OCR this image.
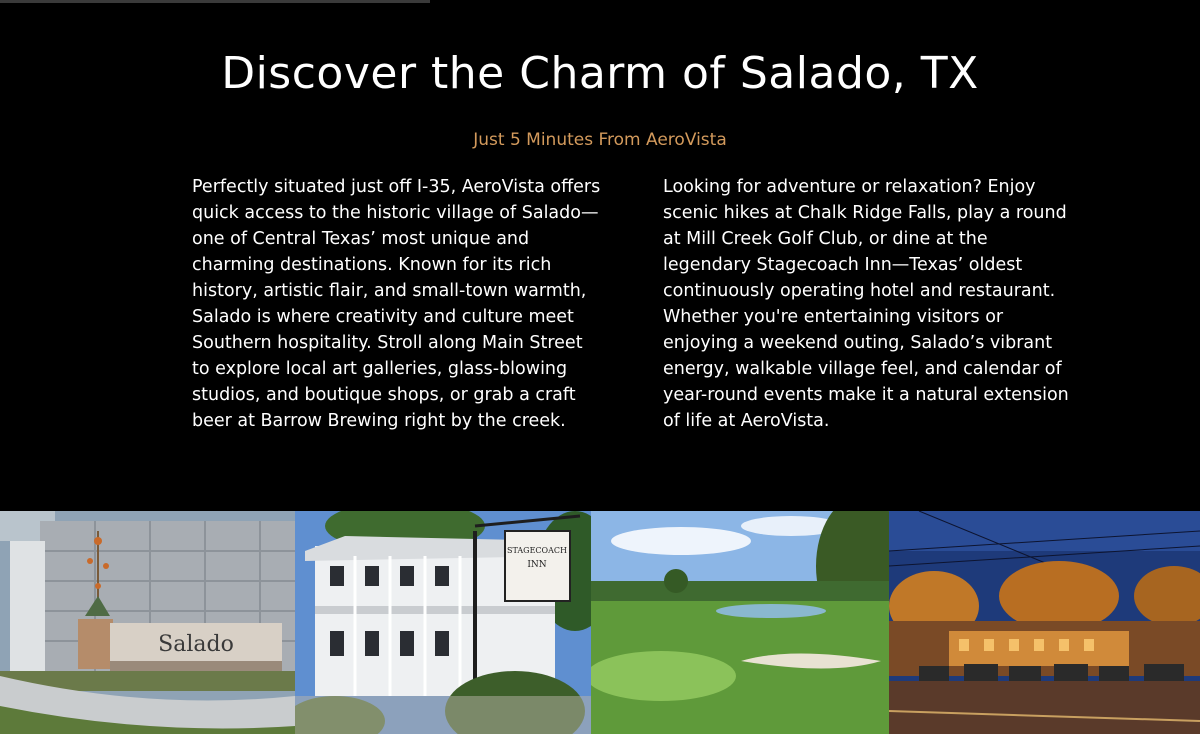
Discover the Charm of Salado, TX

Just 5 Minutes From AeroVista

Perfectly situated just off I-35, AeroVista offers quick access to the historic village of Salado—one of Central Texas’ most unique and charming destinations. Known for its rich history, artistic flair, and small-town warmth, Salado is where creativity and culture meet Southern hospitality. Stroll along Main Street to explore local art galleries, glass-blowing studios, and boutique shops, or grab a craft beer at Barrow Brewing right by the creek.

Looking for adventure or relaxation? Enjoy scenic hikes at Chalk Ridge Falls, play a round at Mill Creek Golf Club, or dine at the legendary Stagecoach Inn—Texas’ oldest continuously operating hotel and restaurant. Whether you're entertaining visitors or enjoying a weekend outing, Salado’s vibrant energy, walkable village feel, and calendar of year-round events make it a natural extension of life at AeroVista.

Salado
STAGECOACH
INN
